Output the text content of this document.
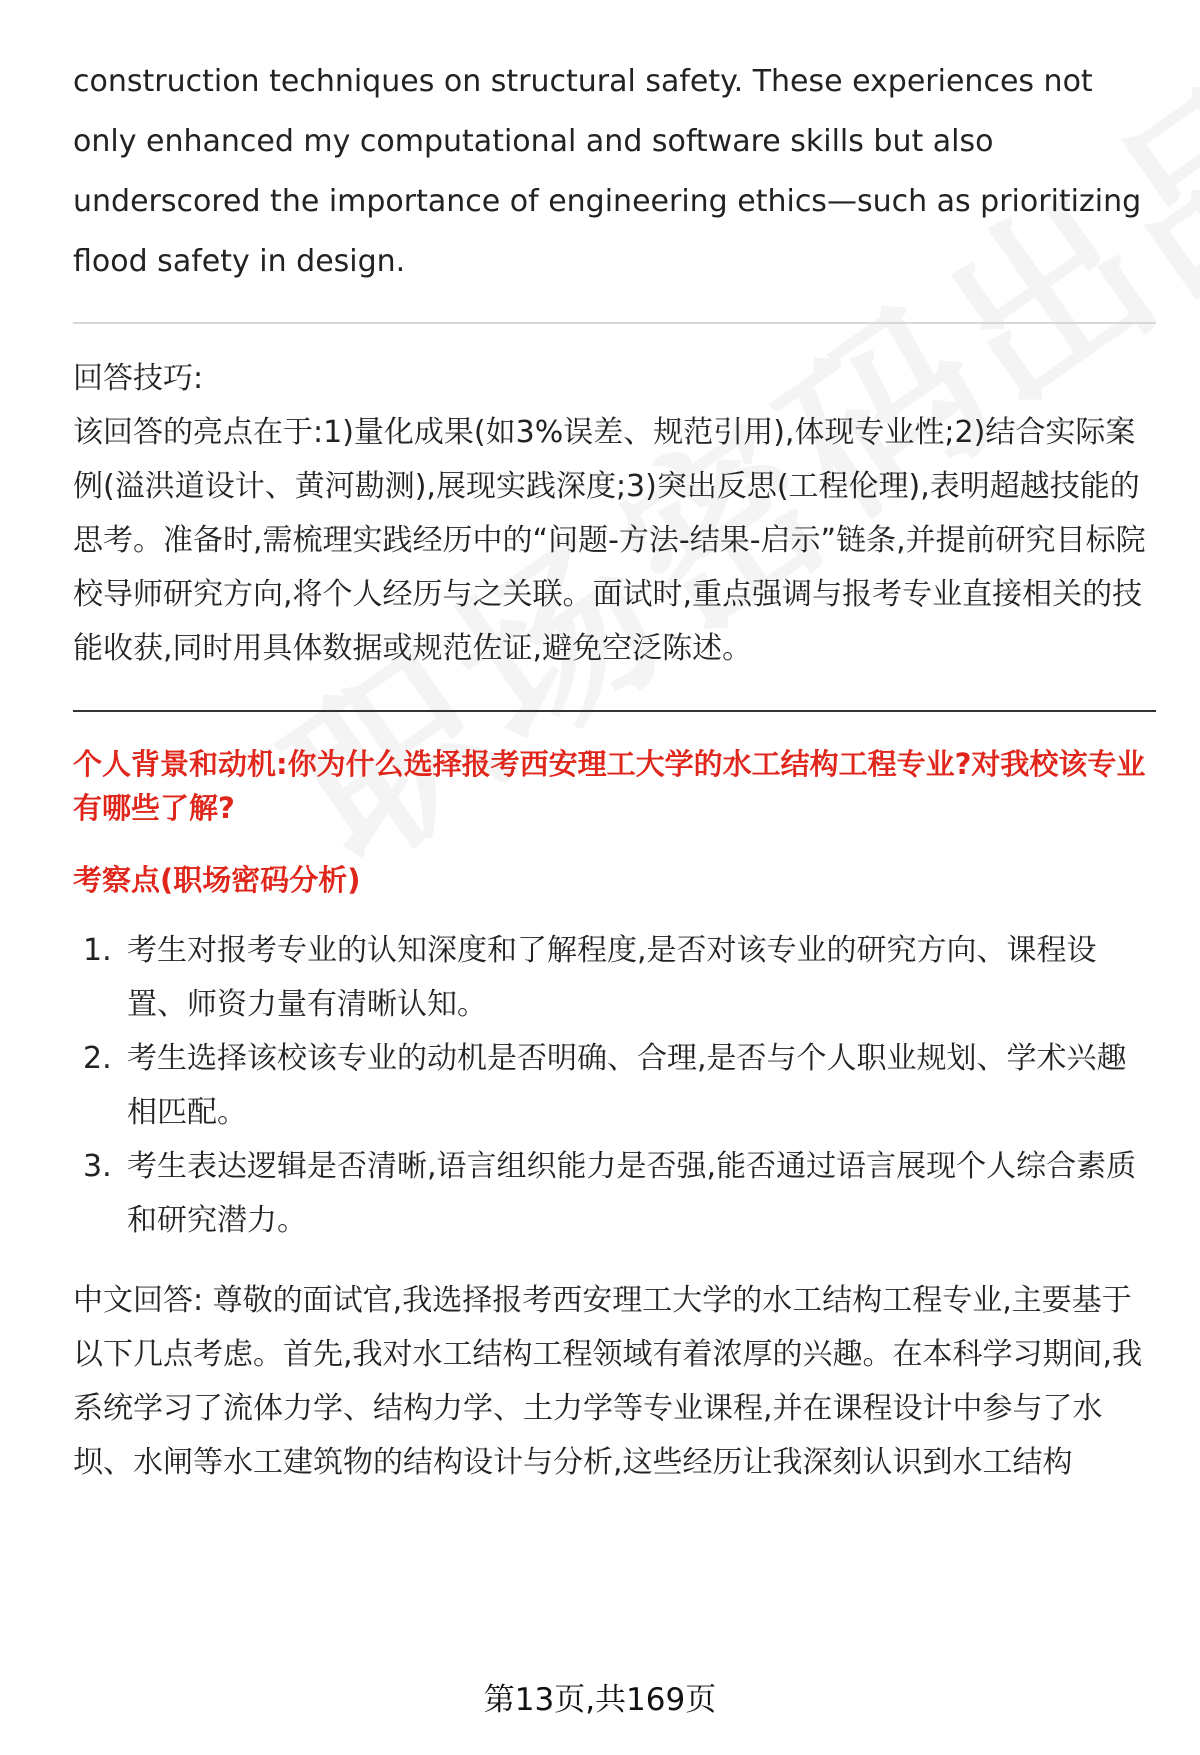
construction techniques on structural safety. These experiences not only enhanced my computational and software skills but also underscored the importance of engineering ethics—such as prioritizing flood safety in design.

回答技巧:

该回答的亮点在于:1)量化成果(如3%误差、规范引用),体现专业性;2)结合实际案例(溢洪道设计、黄河勘测),展现实践深度;3)突出反思(工程伦理),表明超越技能的思考。准备时,需梳理实践经历中的“问题-方法-结果-启示”链条,并提前研究目标院校导师研究方向,将个人经历与之关联。面试时,重点强调与报考专业直接相关的技能收获,同时用具体数据或规范佐证,避免空泛陈述。

个人背景和动机:你为什么选择报考西安理工大学的水工结构工程专业?对我校该专业有哪些了解?

考察点(职场密码分析)

1. 考生对报考专业的认知深度和了解程度,是否对该专业的研究方向、课程设置、师资力量有清晰认知。
2. 考生选择该校该专业的动机是否明确、合理,是否与个人职业规划、学术兴趣相匹配。
3. 考生表达逻辑是否清晰,语言组织能力是否强,能否通过语言展现个人综合素质和研究潜力。

中文回答: 尊敬的面试官,我选择报考西安理工大学的水工结构工程专业,主要基于以下几点考虑。首先,我对水工结构工程领域有着浓厚的兴趣。在本科学习期间,我系统学习了流体力学、结构力学、土力学等专业课程,并在课程设计中参与了水坝、水闸等水工建筑物的结构设计与分析,这些经历让我深刻认识到水工结构

第13页,共169页
